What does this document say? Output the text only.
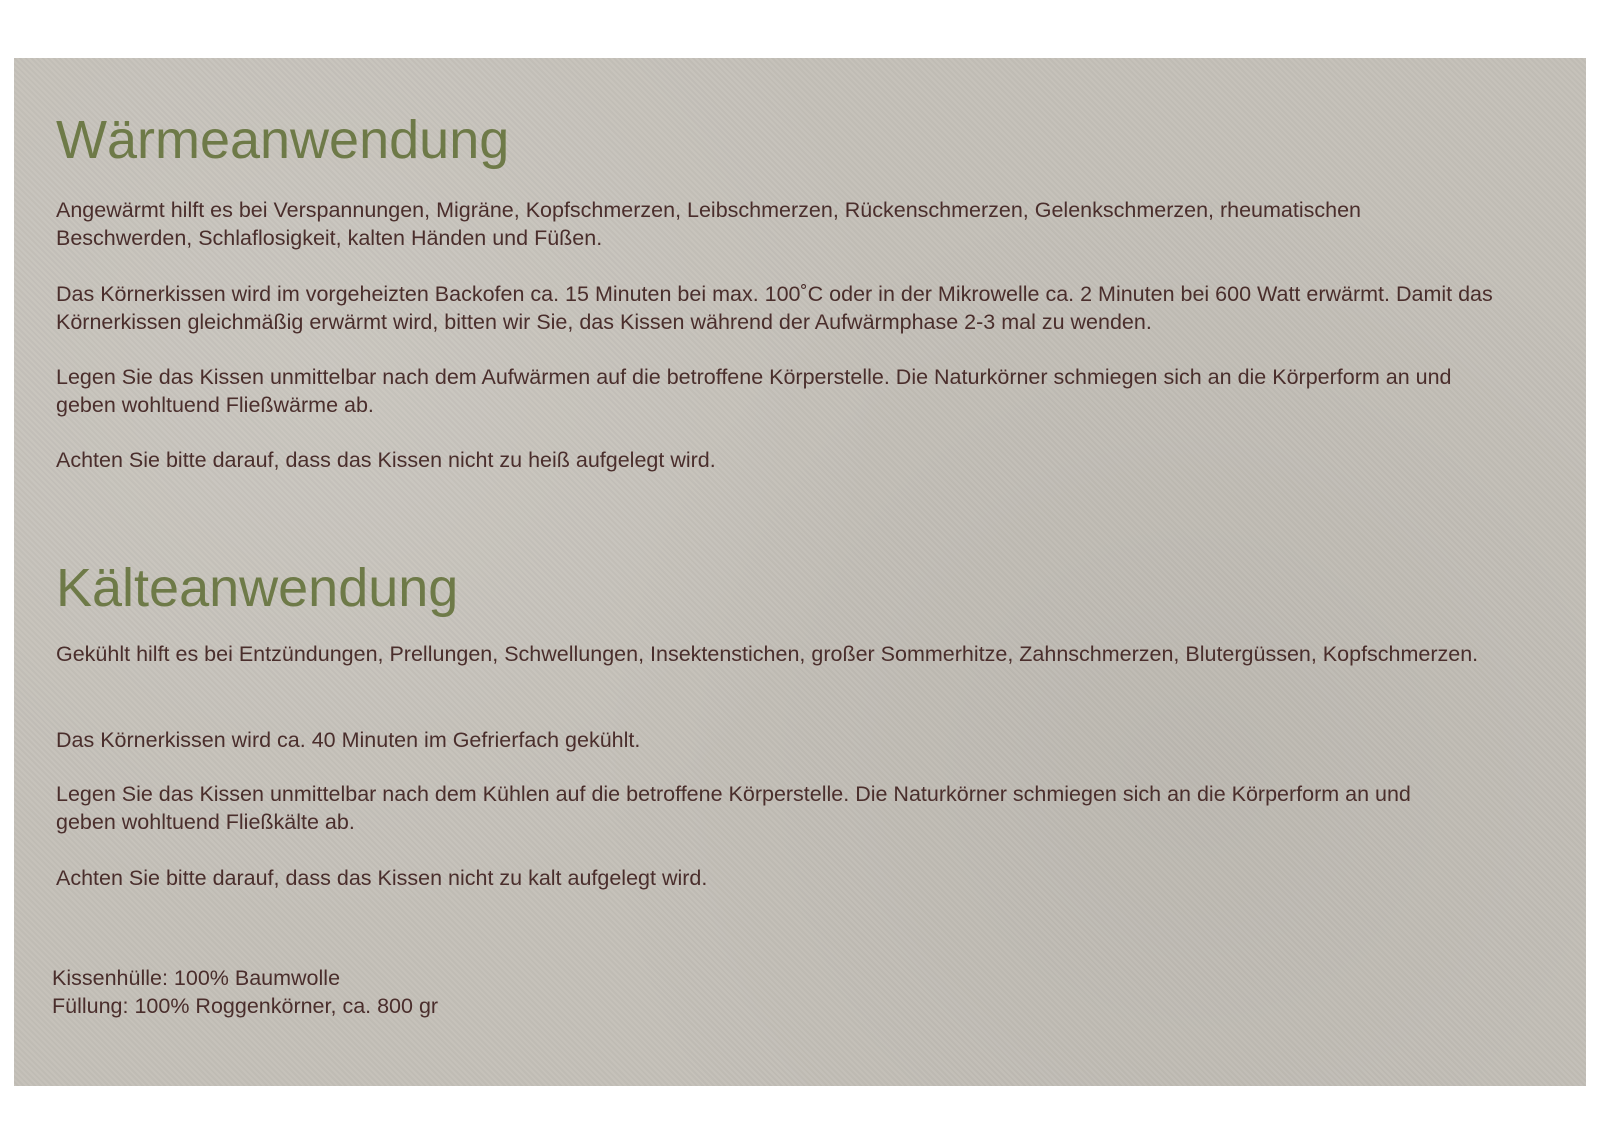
Wärmeanwendung

Angewärmt hilft es bei Verspannungen, Migräne, Kopfschmerzen, Leibschmerzen, Rückenschmerzen, Gelenkschmerzen, rheumatischen Beschwerden, Schlaflosigkeit, kalten Händen und Füßen.

Das Körnerkissen wird im vorgeheizten Backofen ca. 15 Minuten bei max. 100˚C oder in der Mikrowelle ca. 2 Minuten bei 600 Watt erwärmt. Damit das Körnerkissen gleichmäßig erwärmt wird, bitten wir Sie, das Kissen während der Aufwärmphase 2-3 mal zu wenden.

Legen Sie das Kissen unmittelbar nach dem Aufwärmen auf die betroffene Körperstelle. Die Naturkörner schmiegen sich an die Körperform an und geben wohltuend Fließwärme ab.

Achten Sie bitte darauf, dass das Kissen nicht zu heiß aufgelegt wird.

Kälteanwendung

Gekühlt hilft es bei Entzündungen, Prellungen, Schwellungen, Insektenstichen, großer Sommerhitze, Zahnschmerzen, Blutergüssen, Kopfschmerzen.

Das Körnerkissen wird ca. 40 Minuten im Gefrierfach gekühlt.

Legen Sie das Kissen unmittelbar nach dem Kühlen auf die betroffene Körperstelle. Die Naturkörner schmiegen sich an die Körperform an und geben wohltuend Fließkälte ab.

Achten Sie bitte darauf, dass das Kissen nicht zu kalt aufgelegt wird.

Kissenhülle: 100% Baumwolle

Füllung: 100% Roggenkörner, ca. 800 gr
